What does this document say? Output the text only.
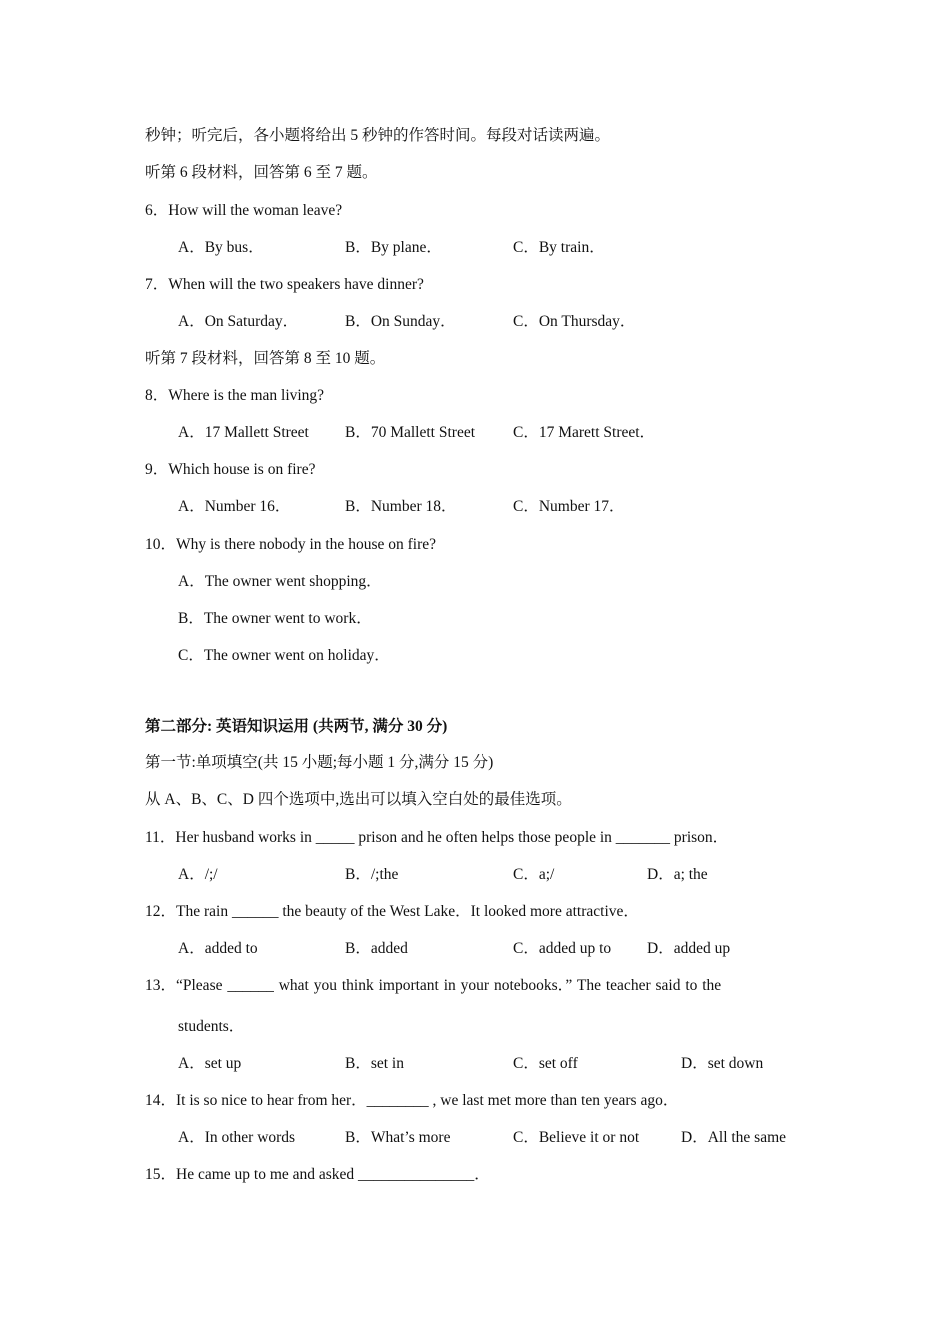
秒钟；听完后，各小题将给出 5 秒钟的作答时间。每段对话读两遍。
听第 6 段材料，回答第 6 至 7 题。
6．How will the woman leave?
A．By bus．	B．By plane．	C．By train．
7．When will the two speakers have dinner?
A．On Saturday．	B．On Sunday．	C．On Thursday．
听第 7 段材料，回答第 8 至 10 题。
8．Where is the man living?
A．17 Mallett Street B．70 Mallett Street C．17 Marett Street．
9．Which house is on fire?
A．Number 16．	B．Number 18．	C．Number 17．
10．Why is there nobody in the house on fire?
A．The owner went shopping．
B．The owner went to work．
C．The owner went on holiday．
第二部分: 英语知识运用 (共两节, 满分 30 分)
第一节:单项填空(共 15 小题;每小题 1 分,满分 15 分)
从 A、B、C、D 四个选项中,选出可以填入空白处的最佳选项。
11．Her husband works in _____ prison and he often helps those people in _______ prison．
A．/;/	B．/;the	C．a;/	D．a; the
12．The rain ______ the beauty of the West Lake．It looked more attractive．
A．added to	B．added	C．added up to D．added up
13．“Please ______ what you think important in your notebooks．” The teacher said to the
students．
A．set up	B．set in	C．set off	D．set down
14．It is so nice to hear from her．________ , we last met more than ten years ago．
A．In other words	B．What’s more	C．Believe it or not	D．All the same
15．He came up to me and asked _______________．
